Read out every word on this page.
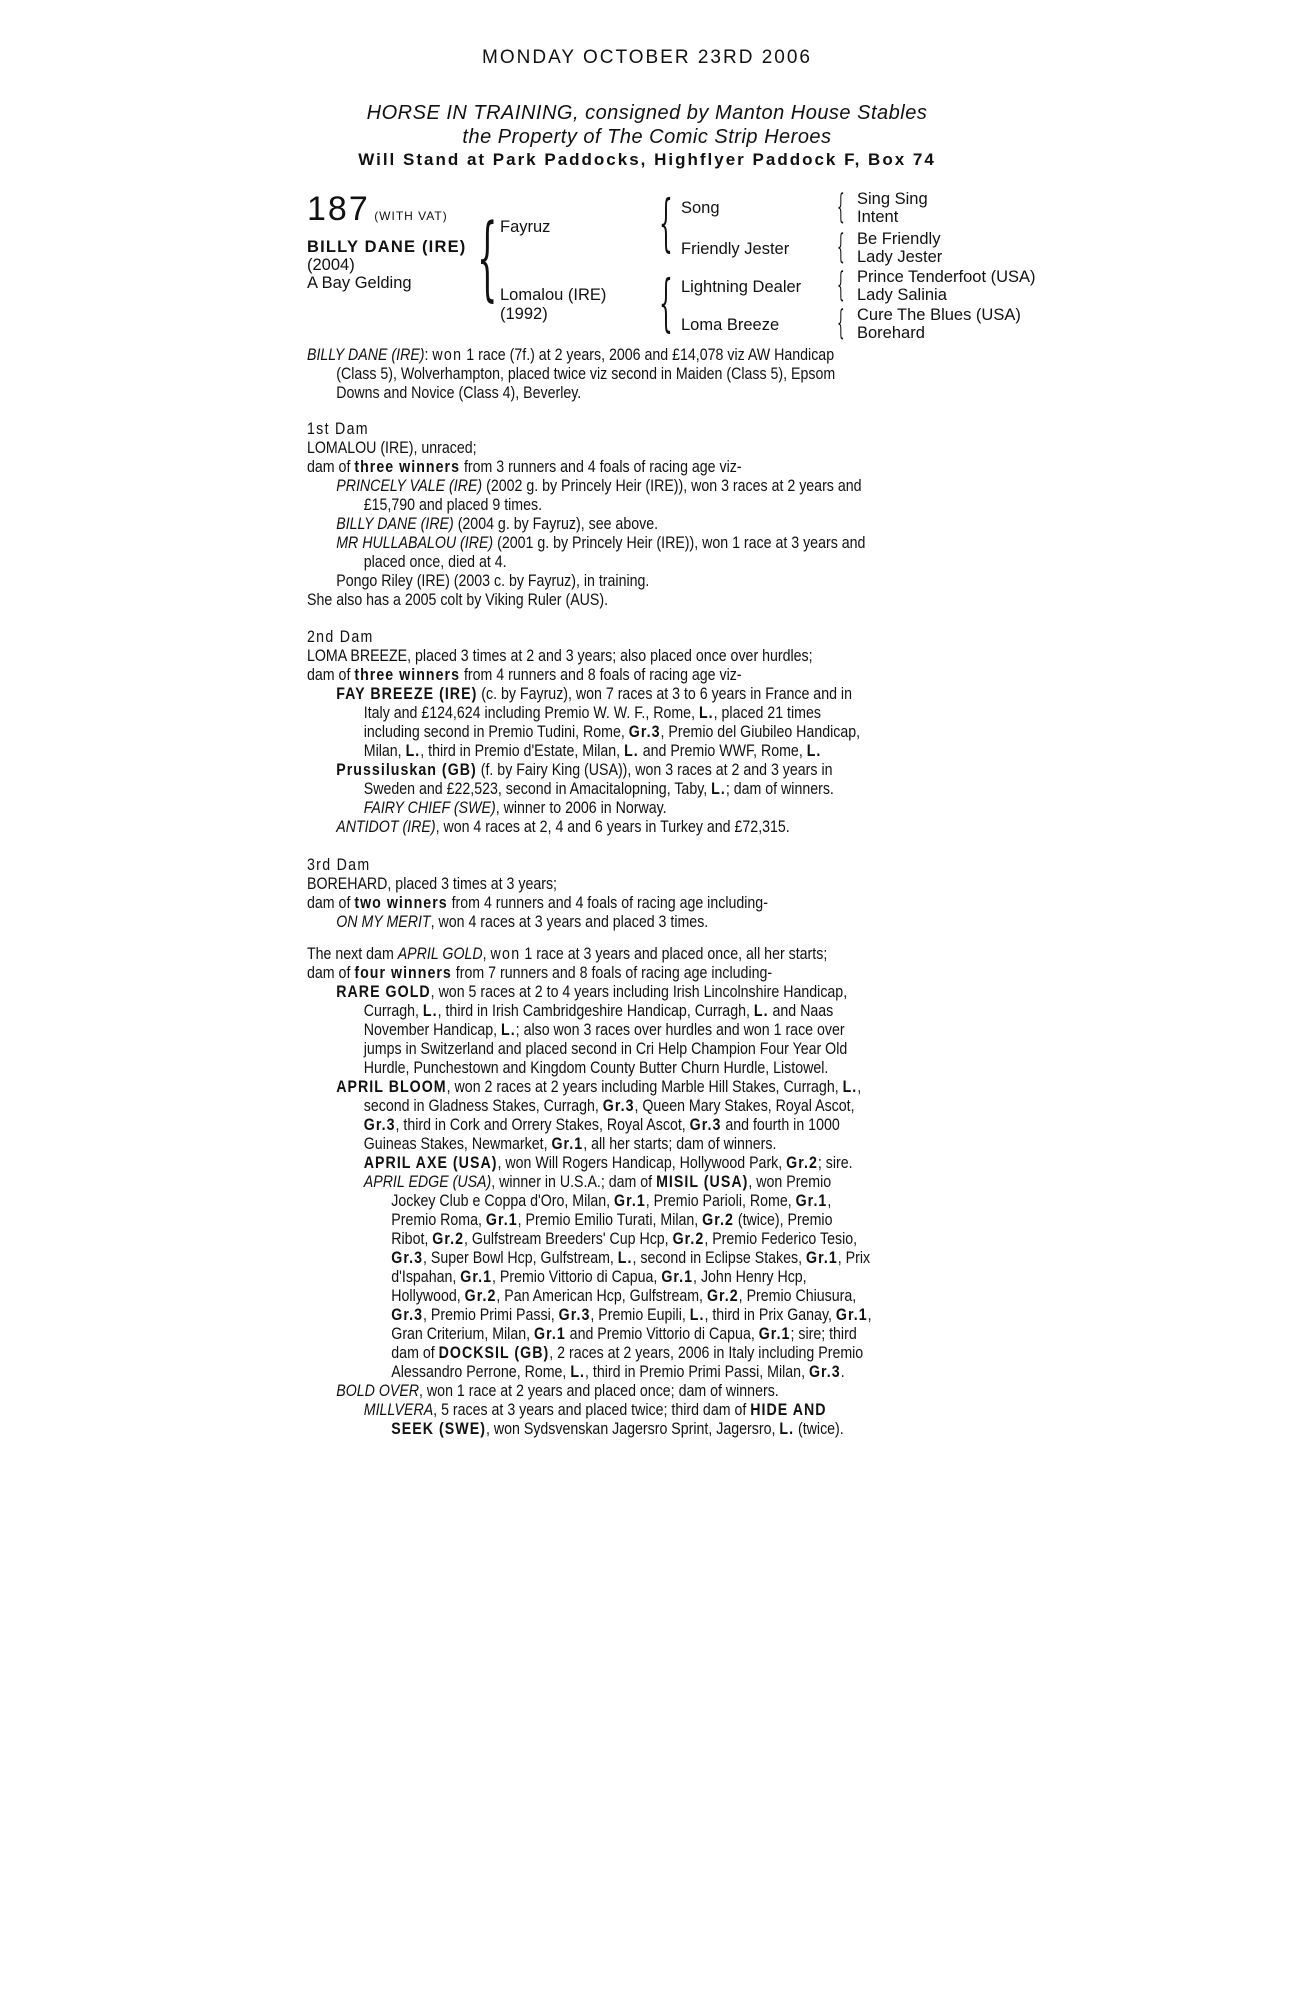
MONDAY OCTOBER 23RD 2006
HORSE IN TRAINING, consigned by Manton House Stables
the Property of The Comic Strip Heroes
Will Stand at Park Paddocks, Highflyer Paddock F, Box 74
187 (WITH VAT)
BILLY DANE (IRE)
(2004)
A Bay Gelding { Fayruz
Lomalou (IRE)
(1992)
{ Song
Friendly Jester
{ Lightning Dealer
Loma Breeze
{ Sing Sing
Intent
{ Be Friendly
Lady Jester
{ Prince Tenderfoot (USA)
Lady Salinia
{ Cure The Blues (USA)
Borehard
BILLY DANE (IRE): won 1 race (7f.) at 2 years, 2006 and £14,078 viz AW Handicap
(Class 5), Wolverhampton, placed twice viz second in Maiden (Class 5), Epsom
Downs and Novice (Class 4), Beverley.
1st Dam
LOMALOU (IRE), unraced;
dam of three winners from 3 runners and 4 foals of racing age viz-
PRINCELY VALE (IRE) (2002 g. by Princely Heir (IRE)), won 3 races at 2 years and
£15,790 and placed 9 times.
BILLY DANE (IRE) (2004 g. by Fayruz), see above.
MR HULLABALOU (IRE) (2001 g. by Princely Heir (IRE)), won 1 race at 3 years and
placed once, died at 4.
Pongo Riley (IRE) (2003 c. by Fayruz), in training.
She also has a 2005 colt by Viking Ruler (AUS).
2nd Dam
LOMA BREEZE, placed 3 times at 2 and 3 years; also placed once over hurdles;
dam of three winners from 4 runners and 8 foals of racing age viz-
FAY BREEZE (IRE) (c. by Fayruz), won 7 races at 3 to 6 years in France and in
Italy and £124,624 including Premio W. W. F., Rome, L., placed 21 times
including second in Premio Tudini, Rome, Gr.3, Premio del Giubileo Handicap,
Milan, L., third in Premio d'Estate, Milan, L. and Premio WWF, Rome, L.
Prussiluskan (GB) (f. by Fairy King (USA)), won 3 races at 2 and 3 years in
Sweden and £22,523, second in Amacitalopning, Taby, L.; dam of winners.
FAIRY CHIEF (SWE), winner to 2006 in Norway.
ANTIDOT (IRE), won 4 races at 2, 4 and 6 years in Turkey and £72,315.
3rd Dam
BOREHARD, placed 3 times at 3 years;
dam of two winners from 4 runners and 4 foals of racing age including-
ON MY MERIT, won 4 races at 3 years and placed 3 times.
The next dam APRIL GOLD, won 1 race at 3 years and placed once, all her starts;
dam of four winners from 7 runners and 8 foals of racing age including-
RARE GOLD, won 5 races at 2 to 4 years including Irish Lincolnshire Handicap,
Curragh, L., third in Irish Cambridgeshire Handicap, Curragh, L. and Naas
November Handicap, L.; also won 3 races over hurdles and won 1 race over
jumps in Switzerland and placed second in Cri Help Champion Four Year Old
Hurdle, Punchestown and Kingdom County Butter Churn Hurdle, Listowel.
APRIL BLOOM, won 2 races at 2 years including Marble Hill Stakes, Curragh, L.,
second in Gladness Stakes, Curragh, Gr.3, Queen Mary Stakes, Royal Ascot,
Gr.3, third in Cork and Orrery Stakes, Royal Ascot, Gr.3 and fourth in 1000
Guineas Stakes, Newmarket, Gr.1, all her starts; dam of winners.
APRIL AXE (USA), won Will Rogers Handicap, Hollywood Park, Gr.2; sire.
APRIL EDGE (USA), winner in U.S.A.; dam of MISIL (USA), won Premio
Jockey Club e Coppa d'Oro, Milan, Gr.1, Premio Parioli, Rome, Gr.1,
Premio Roma, Gr.1, Premio Emilio Turati, Milan, Gr.2 (twice), Premio
Ribot, Gr.2, Gulfstream Breeders' Cup Hcp, Gr.2, Premio Federico Tesio,
Gr.3, Super Bowl Hcp, Gulfstream, L., second in Eclipse Stakes, Gr.1, Prix
d'Ispahan, Gr.1, Premio Vittorio di Capua, Gr.1, John Henry Hcp,
Hollywood, Gr.2, Pan American Hcp, Gulfstream, Gr.2, Premio Chiusura,
Gr.3, Premio Primi Passi, Gr.3, Premio Eupili, L., third in Prix Ganay, Gr.1,
Gran Criterium, Milan, Gr.1 and Premio Vittorio di Capua, Gr.1; sire; third
dam of DOCKSIL (GB), 2 races at 2 years, 2006 in Italy including Premio
Alessandro Perrone, Rome, L., third in Premio Primi Passi, Milan, Gr.3.
BOLD OVER, won 1 race at 2 years and placed once; dam of winners.
MILLVERA, 5 races at 3 years and placed twice; third dam of HIDE AND
SEEK (SWE), won Sydsvenskan Jagersro Sprint, Jagersro, L. (twice).
